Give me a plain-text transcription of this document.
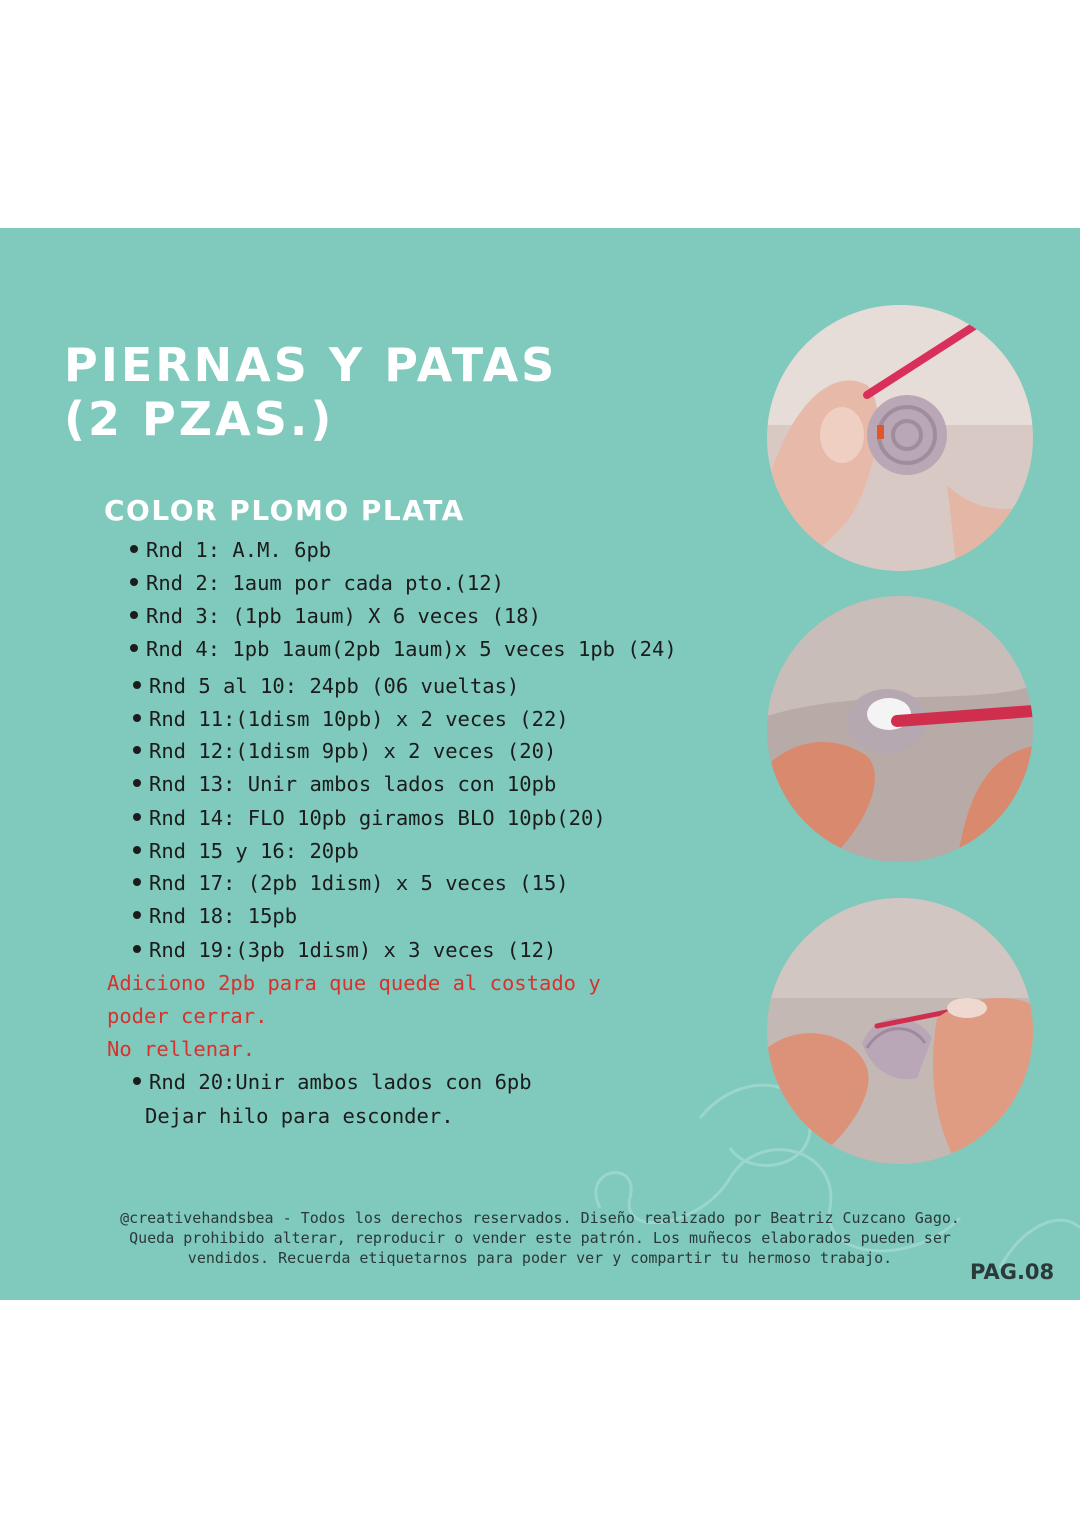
PIERNAS Y PATAS
(2 PZAS.)
COLOR PLOMO PLATA
Rnd 1: A.M. 6pb
Rnd 2: 1aum por cada pto.(12)
Rnd 3: (1pb 1aum) X 6 veces (18)
Rnd 4: 1pb 1aum(2pb 1aum)x 5 veces 1pb (24)
Rnd 5 al 10: 24pb (06 vueltas)
Rnd 11:(1dism 10pb) x 2 veces (22)
Rnd 12:(1dism 9pb) x 2 veces (20)
Rnd 13: Unir ambos lados con 10pb
Rnd 14: FLO 10pb giramos BLO 10pb(20)
Rnd 15 y 16: 20pb
Rnd 17: (2pb 1dism) x 5 veces (15)
Rnd 18: 15pb
Rnd 19:(3pb 1dism) x 3 veces (12)
Adiciono 2pb para que quede al costado y
poder cerrar.
No rellenar.
Rnd 20:Unir ambos lados con 6pb
Dejar hilo para esconder.
@creativehandsbea - Todos los derechos reservados. Diseño realizado por Beatriz Cuzcano Gago.
Queda prohibido alterar, reproducir o vender este patrón. Los muñecos elaborados pueden ser
vendidos. Recuerda etiquetarnos para poder ver y compartir tu hermoso trabajo.
PAG.08
